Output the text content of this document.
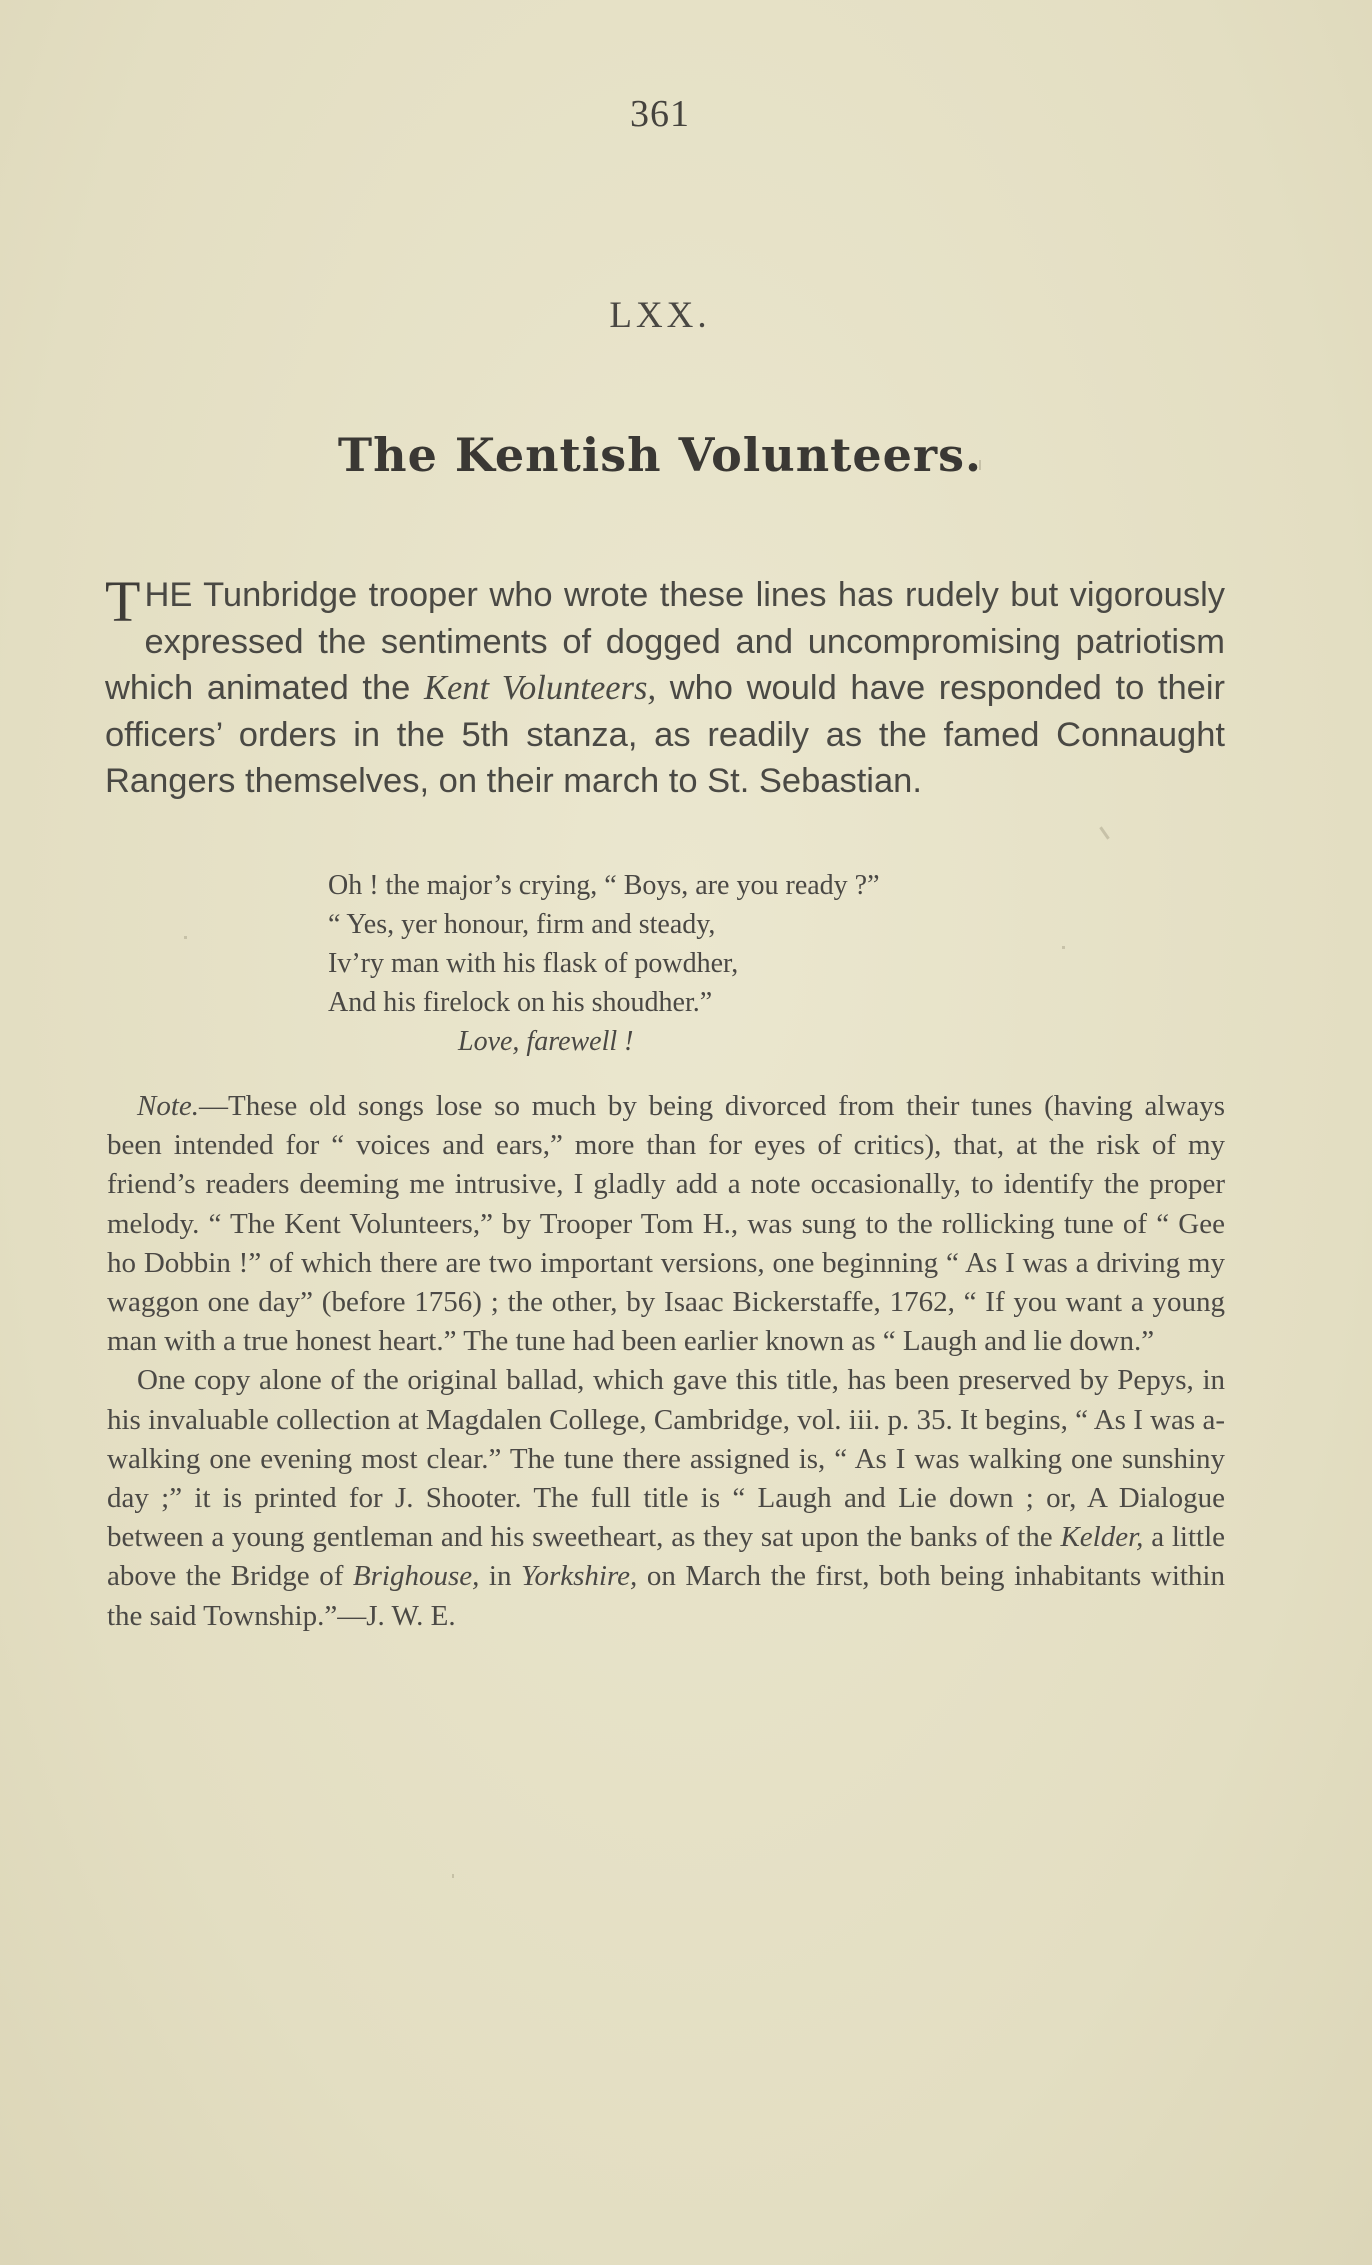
361
LXX.
The Kentish Volunteers.
THE Tunbridge trooper who wrote these lines has rudely but vigorously expressed the sentiments of dogged and uncompromising patriotism which animated the Kent Volunteers, who would have responded to their officers’ orders in the 5th stanza, as readily as the famed Connaught Rangers themselves, on their march to St. Sebastian.
Oh ! the major’s crying, “ Boys, are you ready ?”
“ Yes, yer honour, firm and steady,
Iv’ry man with his flask of powdher,
And his firelock on his shoudher.”
Love, farewell !

Note.—These old songs lose so much by being divorced from their tunes (having always been intended for “ voices and ears,” more than for eyes of critics), that, at the risk of my friend’s readers deeming me intrusive, I gladly add a note occasionally, to identify the proper melody. “ The Kent Volunteers,” by Trooper Tom H., was sung to the rollicking tune of “ Gee ho Dobbin !” of which there are two important versions, one beginning “ As I was a driving my waggon one day” (before 1756) ; the other, by Isaac Bickerstaffe, 1762, “ If you want a young man with a true honest heart.” The tune had been earlier known as “ Laugh and lie down.”

One copy alone of the original ballad, which gave this title, has been preserved by Pepys, in his invaluable collection at Magdalen College, Cambridge, vol. iii. p. 35. It begins, “ As I was a-walking one evening most clear.” The tune there assigned is, “ As I was walking one sunshiny day ;” it is printed for J. Shooter. The full title is “ Laugh and Lie down ; or, A Dialogue between a young gentleman and his sweetheart, as they sat upon the banks of the Kelder, a little above the Bridge of Brighouse, in Yorkshire, on March the first, both being inhabitants within the said Township.”—J. W. E.
